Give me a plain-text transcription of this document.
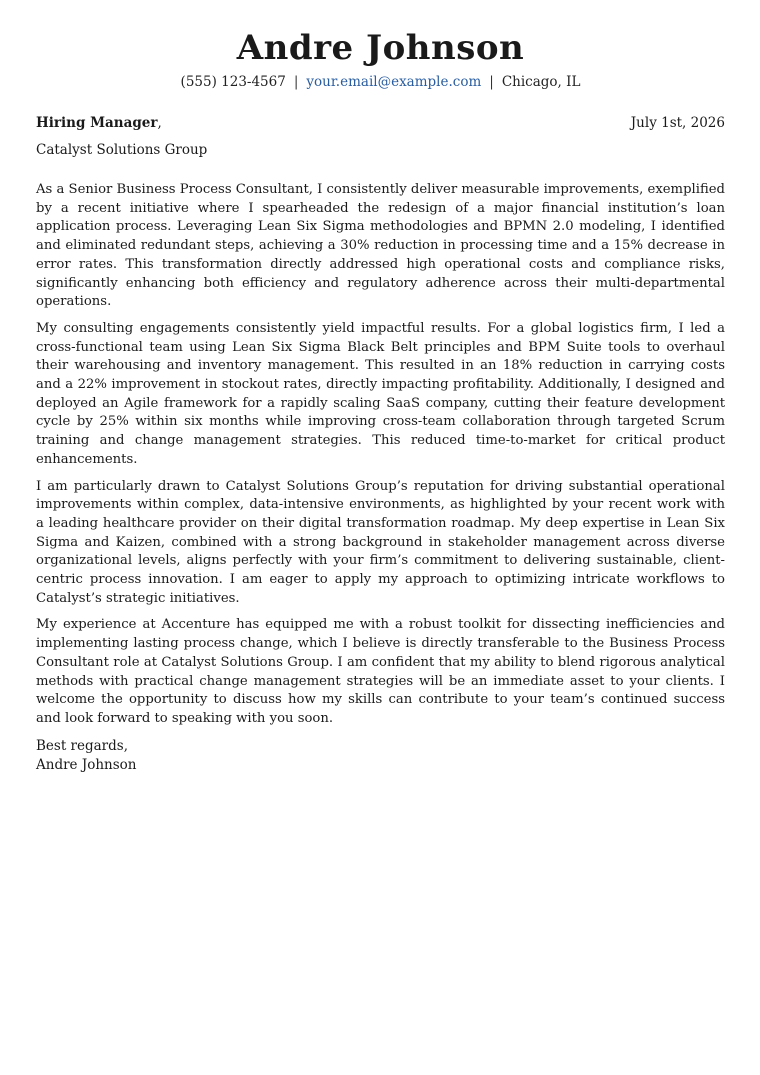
Andre Johnson
(555) 123-4567 | your.email@example.com | Chicago, IL
Hiring Manager,	July 1st, 2026
Catalyst Solutions Group

As a Senior Business Process Consultant, I consistently deliver measurable improvements, exemplified by a recent initiative where I spearheaded the redesign of a major financial institution’s loan application process. Leveraging Lean Six Sigma methodologies and BPMN 2.0 modeling, I identified and eliminated redundant steps, achieving a 30% reduction in processing time and a 15% decrease in error rates. This transformation directly addressed high operational costs and compliance risks, significantly enhancing both efficiency and regulatory adherence across their multi-departmental operations.

My consulting engagements consistently yield impactful results. For a global logistics firm, I led a cross-functional team using Lean Six Sigma Black Belt principles and BPM Suite tools to overhaul their warehousing and inventory management. This resulted in an 18% reduction in carrying costs and a 22% improvement in stockout rates, directly impacting profitability. Additionally, I designed and deployed an Agile framework for a rapidly scaling SaaS company, cutting their feature development cycle by 25% within six months while improving cross-team collaboration through targeted Scrum training and change management strategies. This reduced time-to-market for critical product enhancements.

I am particularly drawn to Catalyst Solutions Group’s reputation for driving substantial operational improvements within complex, data-intensive environments, as highlighted by your recent work with a leading healthcare provider on their digital transformation roadmap. My deep expertise in Lean Six Sigma and Kaizen, combined with a strong background in stakeholder management across diverse organizational levels, aligns perfectly with your firm’s commitment to delivering sustainable, client-centric process innovation. I am eager to apply my approach to optimizing intricate workflows to Catalyst’s strategic initiatives.

My experience at Accenture has equipped me with a robust toolkit for dissecting inefficiencies and implementing lasting process change, which I believe is directly transferable to the Business Process Consultant role at Catalyst Solutions Group. I am confident that my ability to blend rigorous analytical methods with practical change management strategies will be an immediate asset to your clients. I welcome the opportunity to discuss how my skills can contribute to your team’s continued success and look forward to speaking with you soon.

Best regards,
Andre Johnson
